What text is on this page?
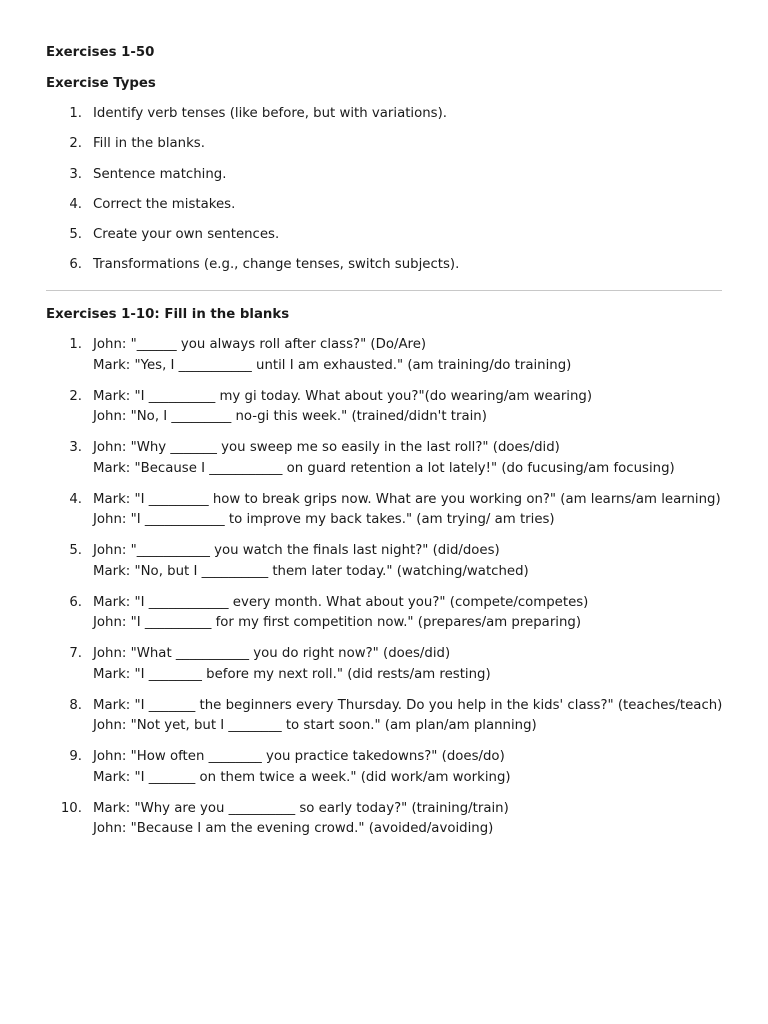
Exercises 1-50
Exercise Types
1. Identify verb tenses (like before, but with variations).
2. Fill in the blanks.
3. Sentence matching.
4. Correct the mistakes.
5. Create your own sentences.
6. Transformations (e.g., change tenses, switch subjects).
Exercises 1-10: Fill in the blanks
1. John: "______ you always roll after class?" (Do/Are)
Mark: "Yes, I ___________ until I am exhausted." (am training/do training)
2. Mark: "I __________ my gi today. What about you?"(do wearing/am wearing)
John: "No, I _________ no-gi this week." (trained/didn't train)
3. John: "Why _______ you sweep me so easily in the last roll?" (does/did)
Mark: "Because I ___________ on guard retention a lot lately!" (do fucusing/am focusing)
4. Mark: "I _________ how to break grips now. What are you working on?" (am learns/am learning)
John: "I ____________ to improve my back takes." (am trying/ am tries)
5. John: "___________ you watch the finals last night?" (did/does)
Mark: "No, but I __________ them later today." (watching/watched)
6. Mark: "I ____________ every month. What about you?" (compete/competes)
John: "I __________ for my first competition now." (prepares/am preparing)
7. John: "What ___________ you do right now?" (does/did)
Mark: "I ________ before my next roll." (did rests/am resting)
8. Mark: "I _______ the beginners every Thursday. Do you help in the kids' class?" (teaches/teach)
John: "Not yet, but I ________ to start soon." (am plan/am planning)
9. John: "How often ________ you practice takedowns?" (does/do)
Mark: "I _______ on them twice a week." (did work/am working)
10. Mark: "Why are you __________ so early today?" (training/train)
John: "Because I am the evening crowd." (avoided/avoiding)
